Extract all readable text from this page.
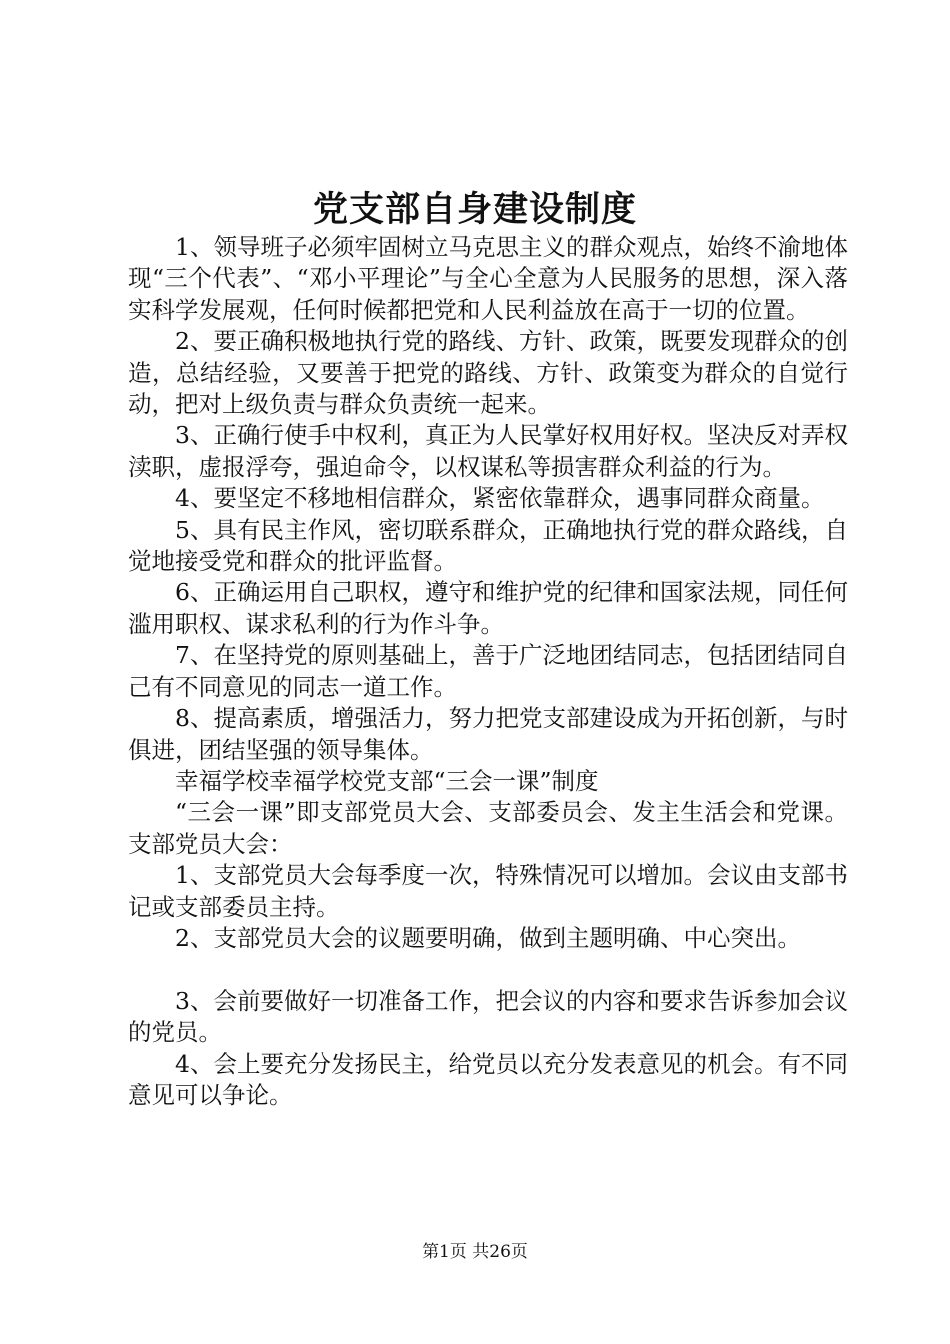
党支部自身建设制度

1、领导班子必须牢固树立马克思主义的群众观点，始终不渝地体现“三个代表”、“邓小平理论”与全心全意为人民服务的思想，深入落实科学发展观，任何时候都把党和人民利益放在高于一切的位置。

2、要正确积极地执行党的路线、方针、政策，既要发现群众的创造，总结经验，又要善于把党的路线、方针、政策变为群众的自觉行动，把对上级负责与群众负责统一起来。

3、正确行使手中权利，真正为人民掌好权用好权。坚决反对弄权渎职，虚报浮夸，强迫命令，以权谋私等损害群众利益的行为。

4、要坚定不移地相信群众，紧密依靠群众，遇事同群众商量。

5、具有民主作风，密切联系群众，正确地执行党的群众路线，自觉地接受党和群众的批评监督。

6、正确运用自己职权，遵守和维护党的纪律和国家法规，同任何滥用职权、谋求私利的行为作斗争。

7、在坚持党的原则基础上，善于广泛地团结同志，包括团结同自己有不同意见的同志一道工作。

8、提高素质，增强活力，努力把党支部建设成为开拓创新，与时俱进，团结坚强的领导集体。

幸福学校幸福学校党支部“三会一课”制度

“三会一课”即支部党员大会、支部委员会、发主生活会和党课。支部党员大会：

1、支部党员大会每季度一次，特殊情况可以增加。会议由支部书记或支部委员主持。

2、支部党员大会的议题要明确，做到主题明确、中心突出。

3、会前要做好一切准备工作，把会议的内容和要求告诉参加会议的党员。

4、会上要充分发扬民主，给党员以充分发表意见的机会。有不同意见可以争论。

第1页 共26页
